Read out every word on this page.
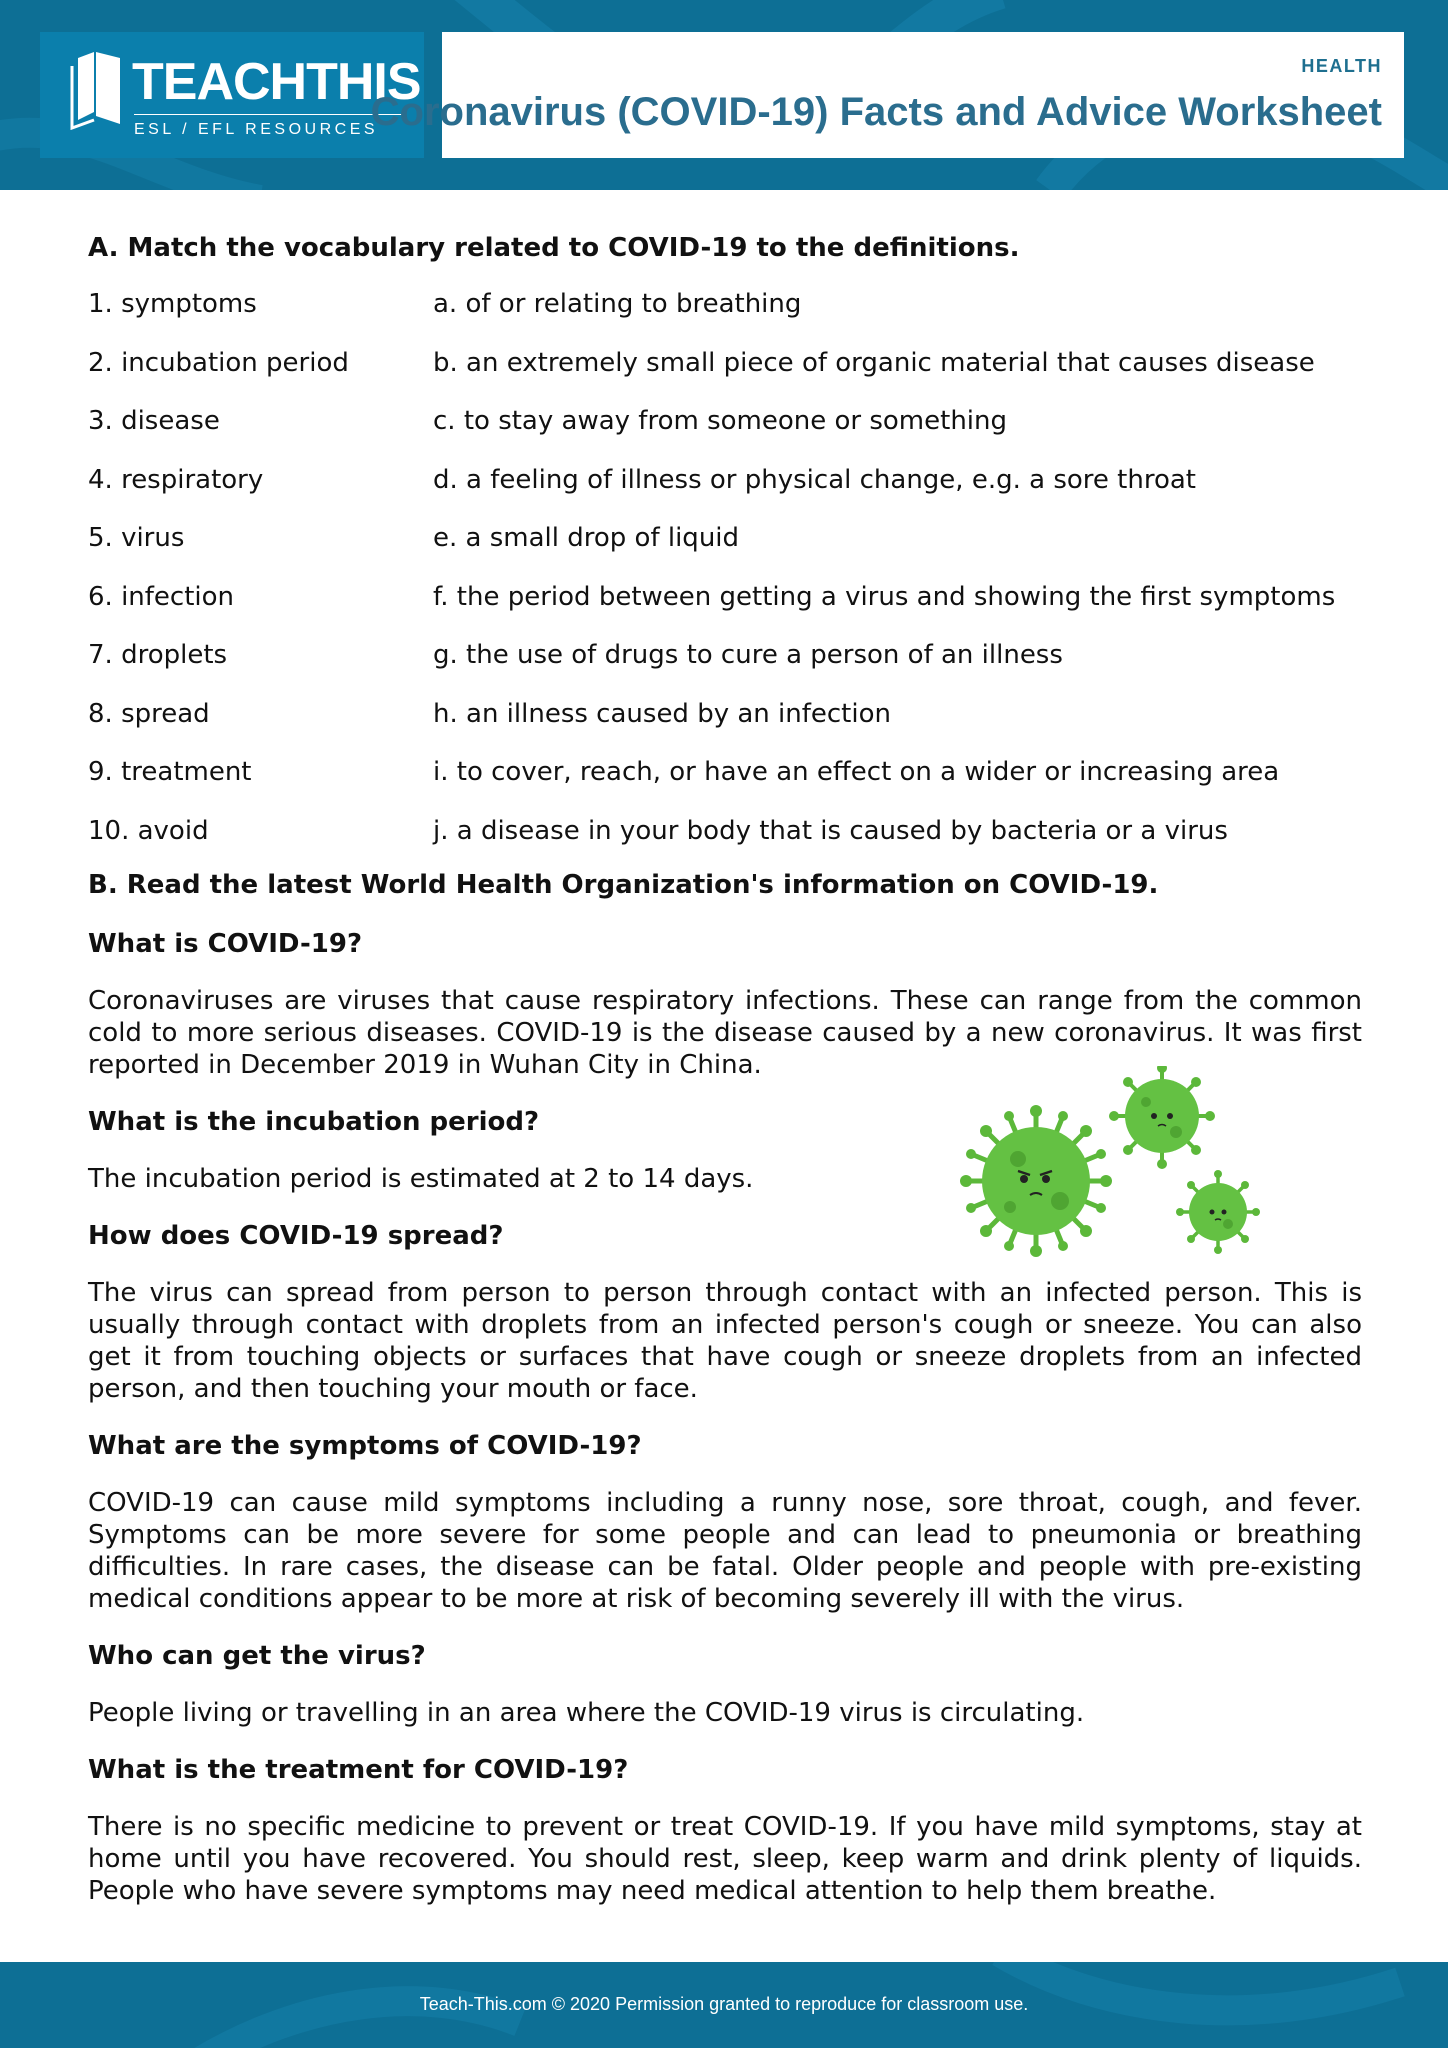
TEACHTHIS
ESL / EFL RESOURCES
HEALTH
Coronavirus (COVID-19) Facts and Advice Worksheet
A. Match the vocabulary related to COVID-19 to the definitions.
1. symptoms	a. of or relating to breathing
2. incubation period	b. an extremely small piece of organic material that causes disease
3. disease	c. to stay away from someone or something
4. respiratory	d. a feeling of illness or physical change, e.g. a sore throat
5. virus	e. a small drop of liquid
6. infection	f. the period between getting a virus and showing the first symptoms
7. droplets	g. the use of drugs to cure a person of an illness
8. spread	h. an illness caused by an infection
9. treatment	i. to cover, reach, or have an effect on a wider or increasing area
10. avoid	j. a disease in your body that is caused by bacteria or a virus
B. Read the latest World Health Organization's information on COVID-19.
What is COVID-19?

Coronaviruses are viruses that cause respiratory infections. These can range from the common cold to more serious diseases. COVID-19 is the disease caused by a new coronavirus. It was first reported in December 2019 in Wuhan City in China.

What is the incubation period?

The incubation period is estimated at 2 to 14 days.

How does COVID-19 spread?

The virus can spread from person to person through contact with an infected person. This is usually through contact with droplets from an infected person's cough or sneeze. You can also get it from touching objects or surfaces that have cough or sneeze droplets from an infected person, and then touching your mouth or face.

What are the symptoms of COVID-19?

COVID-19 can cause mild symptoms including a runny nose, sore throat, cough, and fever. Symptoms can be more severe for some people and can lead to pneumonia or breathing difficulties. In rare cases, the disease can be fatal. Older people and people with pre-existing medical conditions appear to be more at risk of becoming severely ill with the virus.

Who can get the virus?

People living or travelling in an area where the COVID-19 virus is circulating.

What is the treatment for COVID-19?

There is no specific medicine to prevent or treat COVID-19. If you have mild symptoms, stay at home until you have recovered. You should rest, sleep, keep warm and drink plenty of liquids. People who have severe symptoms may need medical attention to help them breathe.

Teach-This.com © 2020 Permission granted to reproduce for classroom use.
